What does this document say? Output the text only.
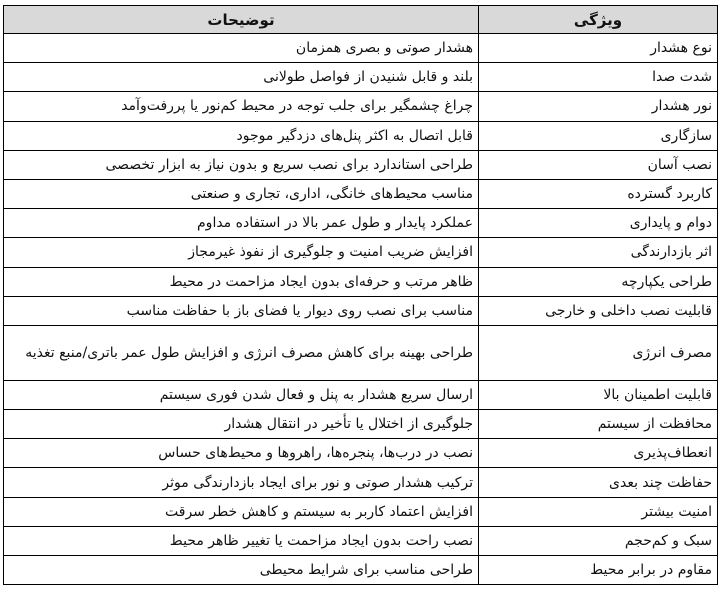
ویژگی	توضیحات
نوع هشدار	هشدار صوتی و بصری همزمان
شدت صدا	بلند و قابل شنیدن از فواصل طولانی
نور هشدار	چراغ چشمگیر برای جلب توجه در محیط کم‌نور یا پررفت‌وآمد
سازگاری	قابل اتصال به اکثر پنل‌های دزدگیر موجود
نصب آسان	طراحی استاندارد برای نصب سریع و بدون نیاز به ابزار تخصصی
کاربرد گسترده	مناسب محیط‌های خانگی، اداری، تجاری و صنعتی
دوام و پایداری	عملکرد پایدار و طول عمر بالا در استفاده مداوم
اثر بازدارندگی	افزایش ضریب امنیت و جلوگیری از نفوذ غیرمجاز
طراحی یکپارچه	ظاهر مرتب و حرفه‌ای بدون ایجاد مزاحمت در محیط
قابلیت نصب داخلی و خارجی	مناسب برای نصب روی دیوار یا فضای باز با حفاظت مناسب
مصرف انرژی	طراحی بهینه برای کاهش مصرف انرژی و افزایش طول عمر باتری/منبع تغذیه
قابلیت اطمینان بالا	ارسال سریع هشدار به پنل و فعال شدن فوری سیستم
محافظت از سیستم	جلوگیری از اختلال یا تأخیر در انتقال هشدار
انعطاف‌پذیری	نصب در درب‌ها، پنجره‌ها، راهروها و محیط‌های حساس
حفاظت چند بعدی	ترکیب هشدار صوتی و نور برای ایجاد بازدارندگی موثر
امنیت بیشتر	افزایش اعتماد کاربر به سیستم و کاهش خطر سرقت
سبک و کم‌حجم	نصب راحت بدون ایجاد مزاحمت یا تغییر ظاهر محیط
مقاوم در برابر محیط	طراحی مناسب برای شرایط محیطی
